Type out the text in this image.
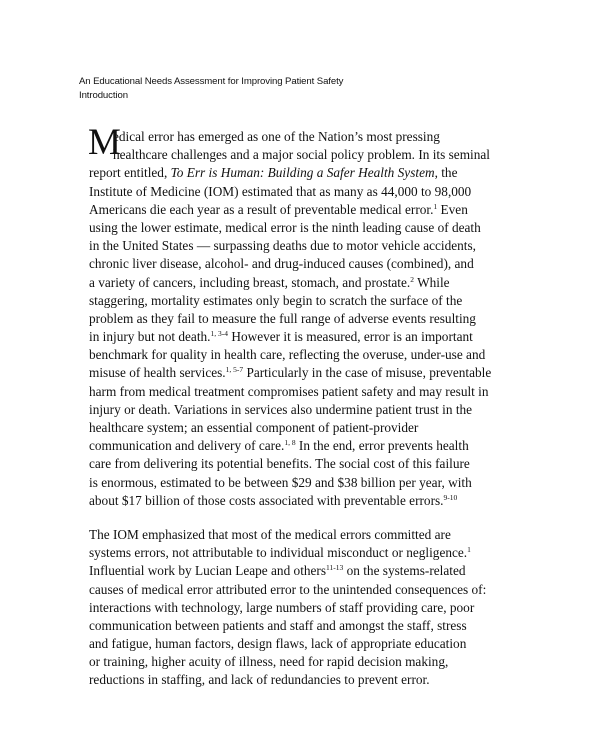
An Educational Needs Assessment for Improving Patient Safety
Introduction
M
edical error has emerged as one of the Nation’s most pressing
healthcare challenges and a major social policy problem. In its seminal
report entitled, To Err is Human: Building a Safer Health System, the
Institute of Medicine (IOM) estimated that as many as 44,000 to 98,000
Americans die each year as a result of preventable medical error.$^1$ Even
using the lower estimate, medical error is the ninth leading cause of death
in the United States — surpassing deaths due to motor vehicle accidents,
chronic liver disease, alcohol- and drug-induced causes (combined), and
a variety of cancers, including breast, stomach, and prostate.$^2$ While
staggering, mortality estimates only begin to scratch the surface of the
problem as they fail to measure the full range of adverse events resulting
in injury but not death.$^{1, 3-4}$ However it is measured, error is an important
benchmark for quality in health care, reflecting the overuse, under-use and
misuse of health services.$^{1, 5-7}$ Particularly in the case of misuse, preventable
harm from medical treatment compromises patient safety and may result in
injury or death. Variations in services also undermine patient trust in the
healthcare system; an essential component of patient-provider
communication and delivery of care.$^{1, 8}$ In the end, error prevents health
care from delivering its potential benefits. The social cost of this failure
is enormous, estimated to be between $29 and $38 billion per year, with
about $17 billion of those costs associated with preventable errors.$^{9-10}$
The IOM emphasized that most of the medical errors committed are
systems errors, not attributable to individual misconduct or negligence.$^1$
Influential work by Lucian Leape and others$^{11-13}$ on the systems-related
causes of medical error attributed error to the unintended consequences of:
interactions with technology, large numbers of staff providing care, poor
communication between patients and staff and amongst the staff, stress
and fatigue, human factors, design flaws, lack of appropriate education
or training, higher acuity of illness, need for rapid decision making,
reductions in staffing, and lack of redundancies to prevent error.
